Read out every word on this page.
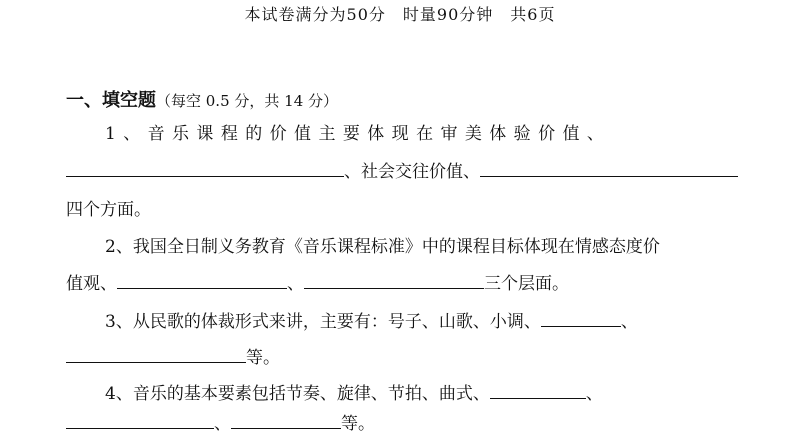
本试卷满分为50分　时量90分钟　共6页
一、填空题（每空 0.5 分，共 14 分）
1 、 音 乐 课 程 的 价 值 主 要 体 现 在 审 美 体 验 价 值 、
、社会交往价值、
四个方面。
2、我国全日制义务教育《音乐课程标准》中的课程目标体现在情感态度价
值观、	、	三个层面。
3、从民歌的体裁形式来讲，主要有：号子、山歌、小调、	、
等。
4、音乐的基本要素包括节奏、旋律、节拍、曲式、	、
、	等。
